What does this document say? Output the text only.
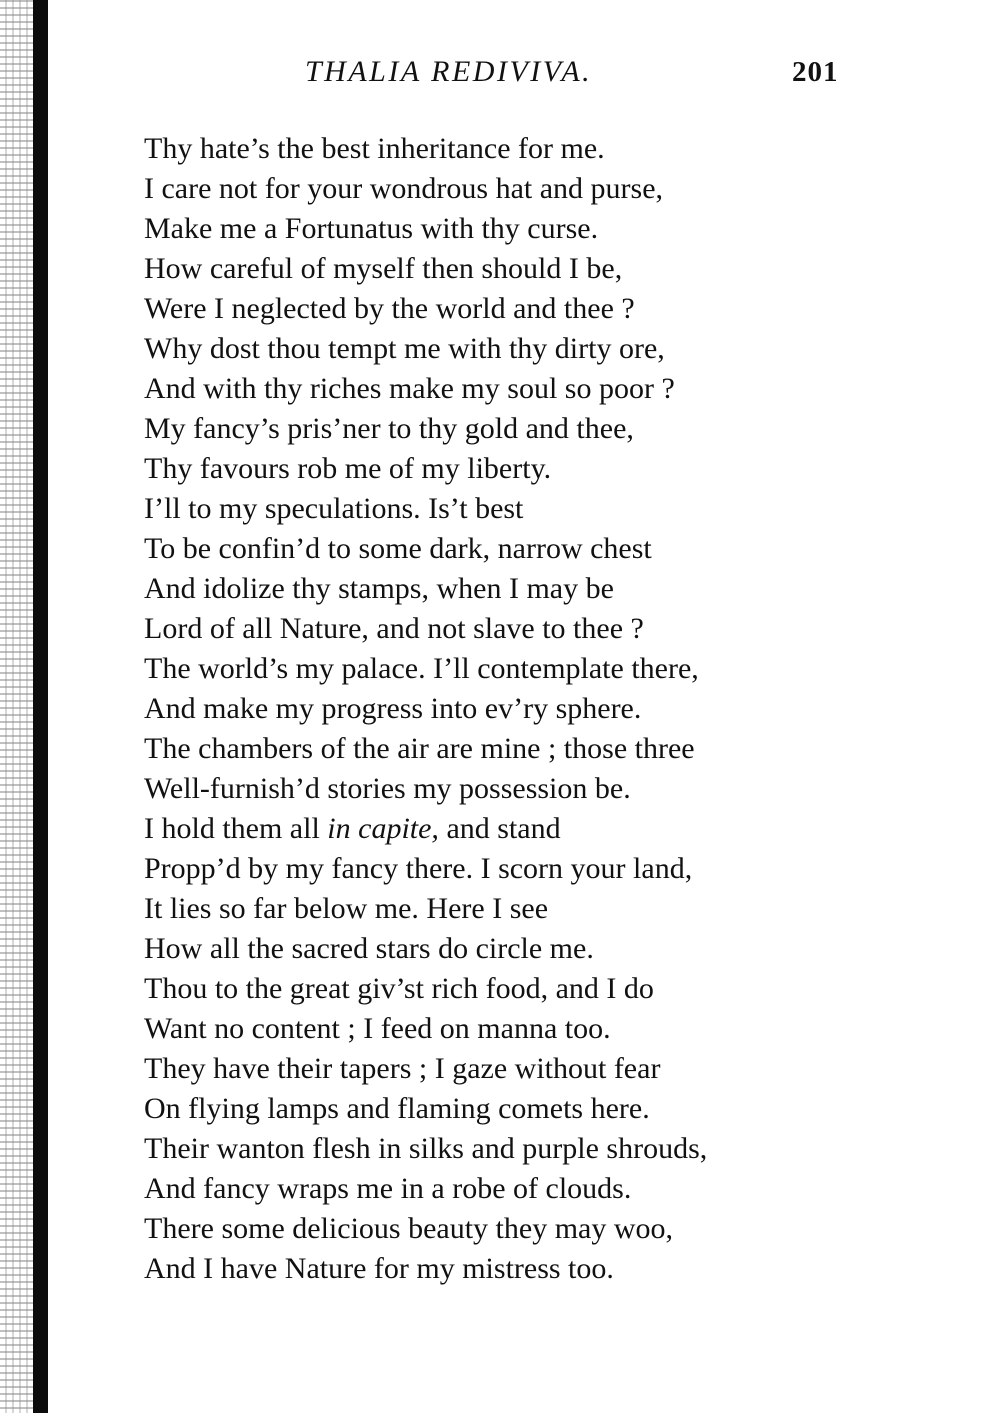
THALIA REDIVIVA.	201
Thy hate’s the best inheritance for me.
I care not for your wondrous hat and purse,
Make me a Fortunatus with thy curse.
How careful of myself then should I be,
Were I neglected by the world and thee ?
Why dost thou tempt me with thy dirty ore,
And with thy riches make my soul so poor ?
My fancy’s pris’ner to thy gold and thee,
Thy favours rob me of my liberty.
I’ll to my speculations. Is’t best
To be confin’d to some dark, narrow chest
And idolize thy stamps, when I may be
Lord of all Nature, and not slave to thee ?
The world’s my palace. I’ll contemplate there,
And make my progress into ev’ry sphere.
The chambers of the air are mine ; those three
Well-furnish’d stories my possession be.
I hold them all in capite, and stand
Propp’d by my fancy there. I scorn your land,
It lies so far below me. Here I see
How all the sacred stars do circle me.
Thou to the great giv’st rich food, and I do
Want no content ; I feed on manna too.
They have their tapers ; I gaze without fear
On flying lamps and flaming comets here.
Their wanton flesh in silks and purple shrouds,
And fancy wraps me in a robe of clouds.
There some delicious beauty they may woo,
And I have Nature for my mistress too.
